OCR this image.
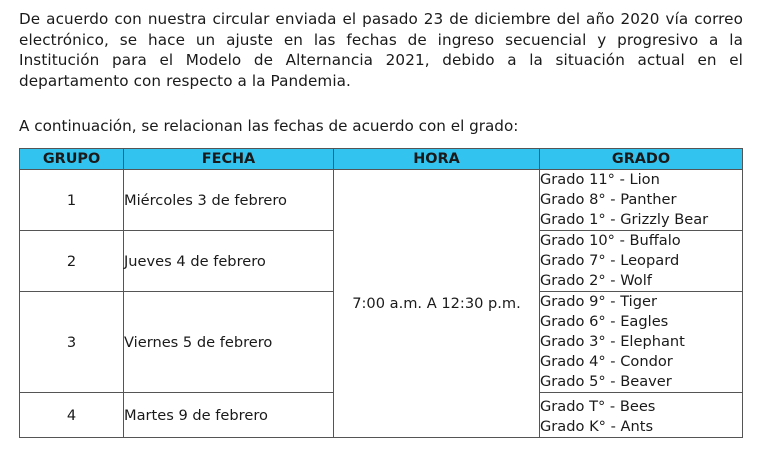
De acuerdo con nuestra circular enviada el pasado 23 de diciembre del año 2020 vía correo electrónico, se hace un ajuste en las fechas de ingreso secuencial y progresivo a la Institución para el Modelo de Alternancia 2021, debido a la situación actual en el departamento con respecto a la Pandemia.

A continuación, se relacionan las fechas de acuerdo con el grado:

GRUPO	FECHA	HORA	GRADO
1	Miércoles 3 de febrero	7:00 a.m. A 12:30 p.m.	Grado 11° - Lion
Grado 8° - Panther
Grado 1° - Grizzly Bear

2	Jueves 4 de febrero		Grado 10° - Buffalo
Grado 7° - Leopard
Grado 2° - Wolf

3	Viernes 5 de febrero		Grado 9° - Tiger
Grado 6° - Eagles
Grado 3° - Elephant
Grado 4° - Condor
Grado 5° - Beaver

4	Martes 9 de febrero		Grado T° - Bees
Grado K° - Ants
